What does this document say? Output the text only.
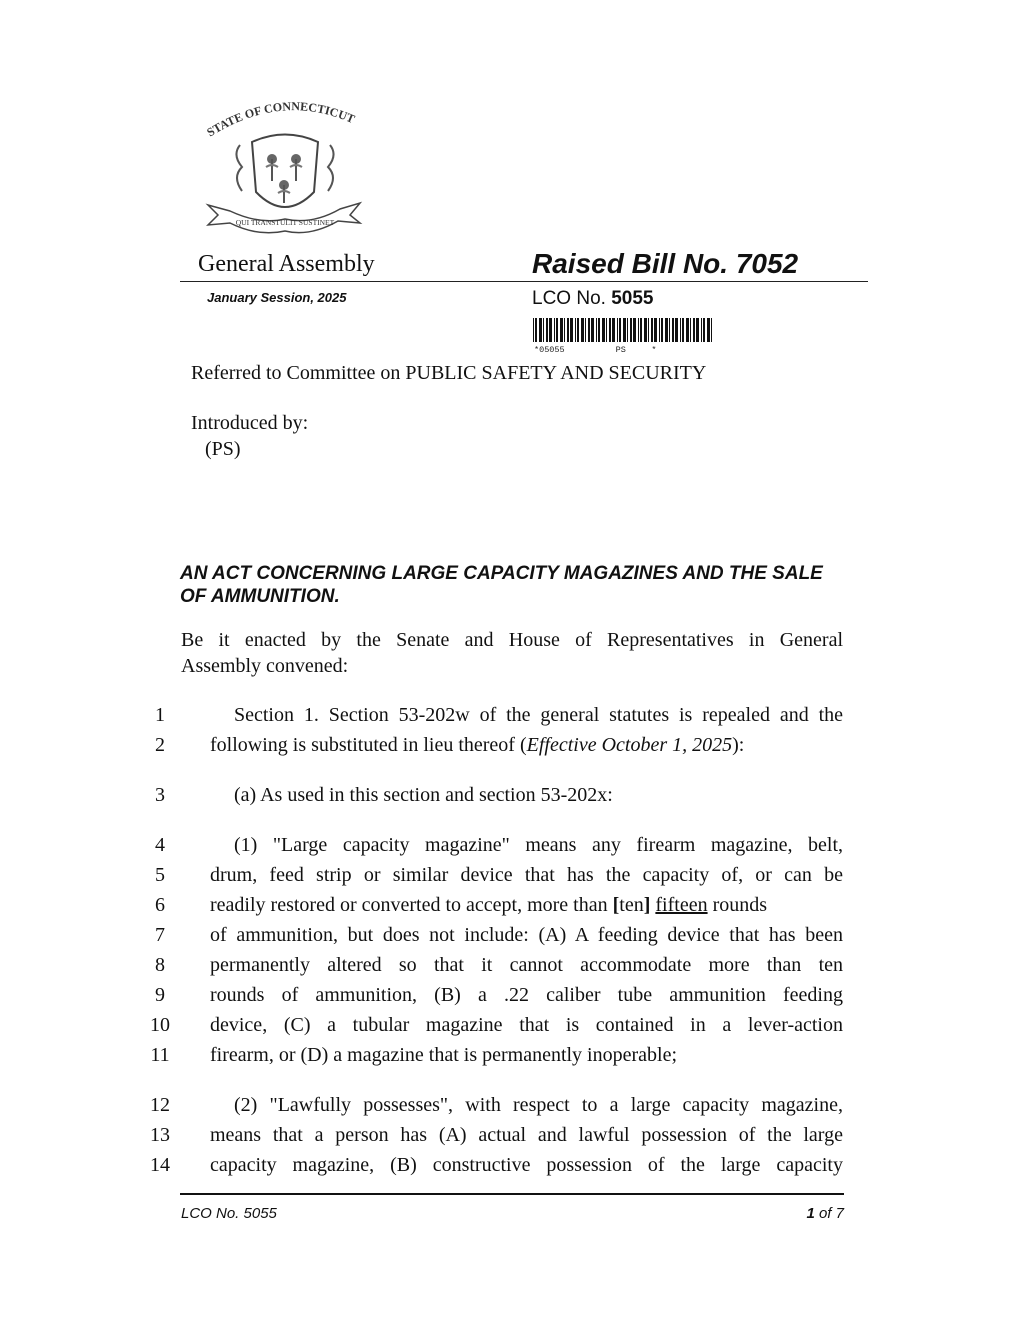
STATE OF CONNECTICUT
QUI TRANSTULIT SUSTINET
General Assembly	Raised Bill No. 7052
January Session, 2025	LCO No. 5055
*05055          PS     *
Referred to Committee on PUBLIC SAFETY AND SECURITY
Introduced by:
(PS)
AN ACT CONCERNING LARGE CAPACITY MAGAZINES AND THE SALE OF AMMUNITION.
Be it enacted by the Senate and House of Representatives in General
Assembly convened:
1	Section 1. Section 53-202w of the general statutes is repealed and the
2	following is substituted in lieu thereof (Effective October 1, 2025):
3	(a) As used in this section and section 53-202x:
4	(1) "Large capacity magazine" means any firearm magazine, belt,
5	drum, feed strip or similar device that has the capacity of, or can be
6	readily restored or converted to accept, more than [ten] fifteen rounds
7	of ammunition, but does not include: (A) A feeding device that has been
8	permanently altered so that it cannot accommodate more than ten
9	rounds of ammunition, (B) a .22 caliber tube ammunition feeding
10	device, (C) a tubular magazine that is contained in a lever-action
11	firearm, or (D) a magazine that is permanently inoperable;
12	(2) "Lawfully possesses", with respect to a large capacity magazine,
13	means that a person has (A) actual and lawful possession of the large
14	capacity magazine, (B) constructive possession of the large capacity
LCO No. 5055	1 of 7
